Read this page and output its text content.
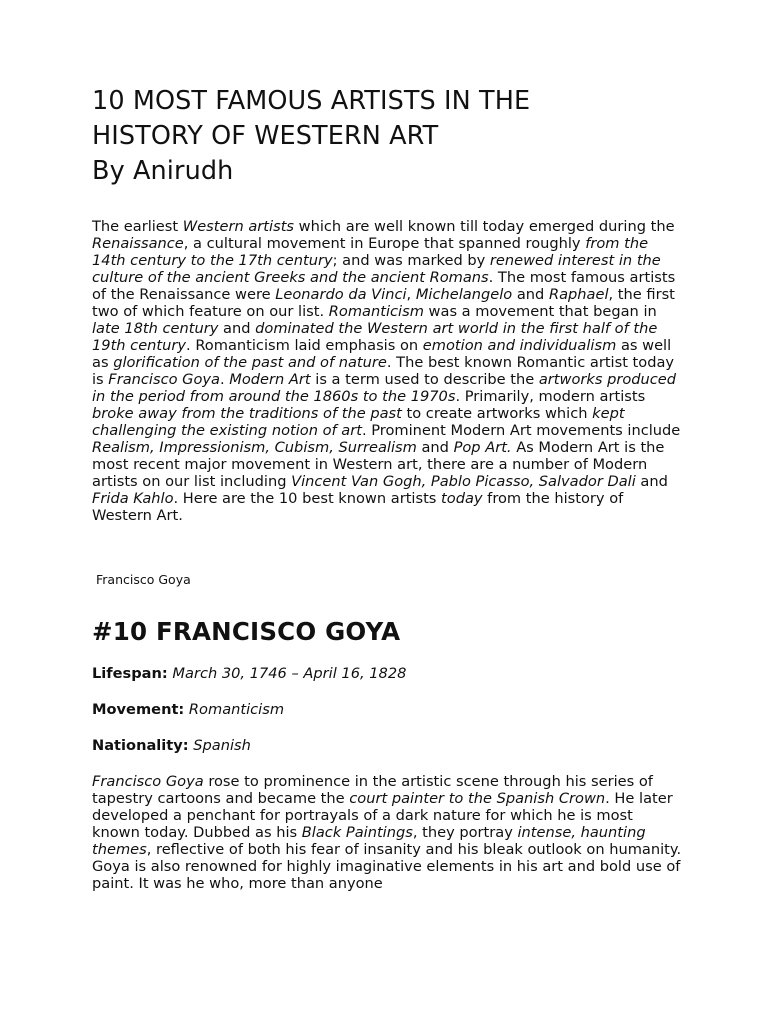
10 MOST FAMOUS ARTISTS IN THE
HISTORY OF WESTERN ART
By Anirudh

The earliest Western artists which are well known till today emerged during the Renaissance, a cultural movement in Europe that spanned roughly from the 14th century to the 17th century; and was marked by renewed interest in the culture of the ancient Greeks and the ancient Romans. The most famous artists of the Renaissance were Leonardo da Vinci, Michelangelo and Raphael, the first two of which feature on our list. Romanticism was a movement that began in late 18th century and dominated the Western art world in the first half of the 19th century. Romanticism laid emphasis on emotion and individualism as well as glorification of the past and of nature. The best known Romantic artist today is Francisco Goya. Modern Art is a term used to describe the artworks produced in the period from around the 1860s to the 1970s. Primarily, modern artists broke away from the traditions of the past to create artworks which kept challenging the existing notion of art. Prominent Modern Art movements include Realism, Impressionism, Cubism, Surrealism and Pop Art. As Modern Art is the most recent major movement in Western art, there are a number of Modern artists on our list including Vincent Van Gogh, Pablo Picasso, Salvador Dali and Frida Kahlo. Here are the 10 best known artists today from the history of Western Art.

Francisco Goya
#10 FRANCISCO GOYA

Lifespan: March 30, 1746 – April 16, 1828

Movement: Romanticism

Nationality: Spanish

Francisco Goya rose to prominence in the artistic scene through his series of tapestry cartoons and became the court painter to the Spanish Crown. He later developed a penchant for portrayals of a dark nature for which he is most known today. Dubbed as his Black Paintings, they portray intense, haunting themes, reflective of both his fear of insanity and his bleak outlook on humanity. Goya is also renowned for highly imaginative elements in his art and bold use of paint. It was he who, more than anyone
